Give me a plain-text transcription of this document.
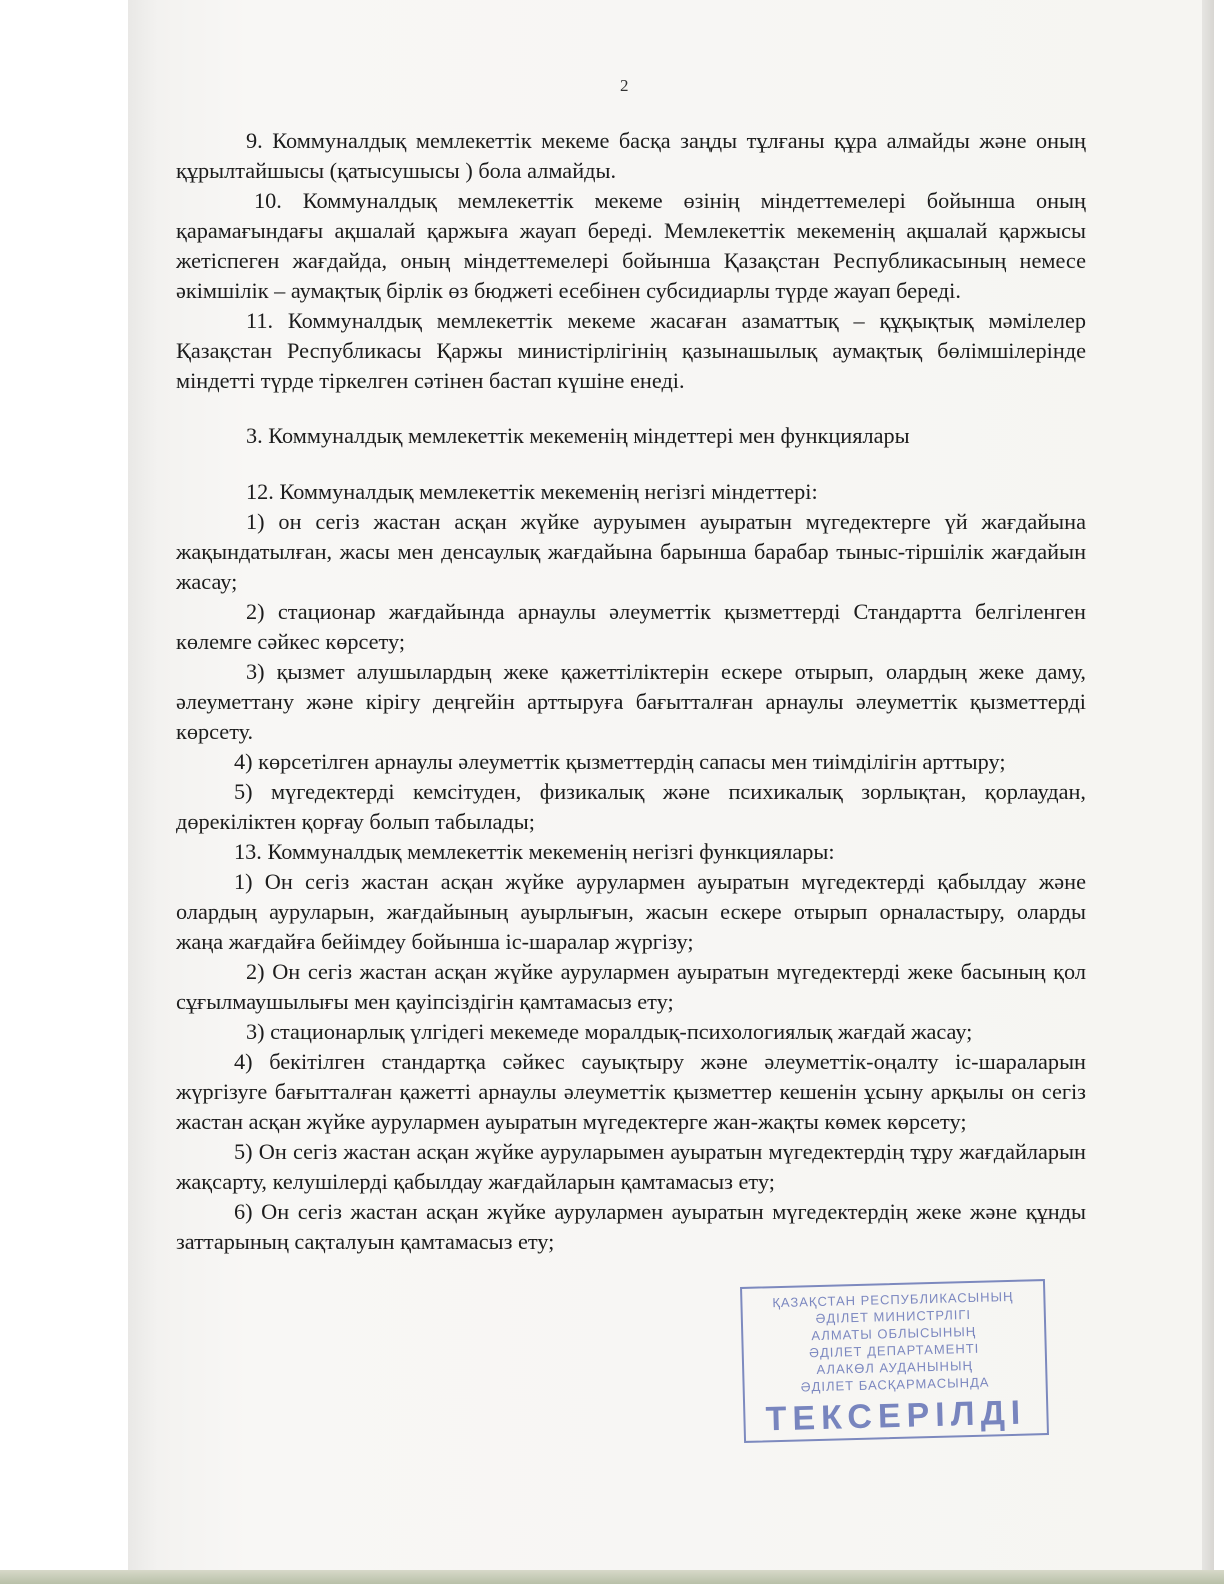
2

9. Коммуналдық мемлекеттік мекеме басқа заңды тұлғаны құра алмайды және оның құрылтайшысы (қатысушысы ) бола алмайды.

10. Коммуналдық мемлекеттік мекеме өзінің міндеттемелері бойынша оның қарамағындағы ақшалай қаржыға жауап береді. Мемлекеттік мекеменің ақшалай қаржысы жетіспеген жағдайда, оның міндеттемелері бойынша Қазақстан Республикасының немесе әкімшілік – аумақтық бірлік өз бюджеті есебінен субсидиарлы түрде жауап береді.

11. Коммуналдық мемлекеттік мекеме жасаған азаматтық – құқықтық мәмілелер Қазақстан Республикасы Қаржы министірлігінің қазынашылық аумақтық бөлімшілерінде міндетті түрде тіркелген сәтінен бастап күшіне енеді.

3. Коммуналдық мемлекеттік мекеменің міндеттері мен функциялары

12. Коммуналдық мемлекеттік мекеменің негізгі міндеттері:

1) он сегіз жастан асқан жүйке ауруымен ауыратын мүгедектерге үй жағдайына жақындатылған, жасы мен денсаулық жағдайына барынша барабар тыныс-тіршілік жағдайын жасау;

2) стационар жағдайында арнаулы әлеуметтік қызметтерді Стандартта белгіленген көлемге сәйкес көрсету;

3) қызмет алушылардың жеке қажеттіліктерін ескере отырып, олардың жеке даму, әлеуметтану және кірігу деңгейін арттыруға бағытталған арнаулы әлеуметтік қызметтерді көрсету.

4) көрсетілген арнаулы әлеуметтік қызметтердің сапасы мен тиімділігін арттыру;

5) мүгедектерді кемсітуден, физикалық және психикалық зорлықтан, қорлаудан, дөрекіліктен қорғау болып табылады;

13. Коммуналдық мемлекеттік мекеменің негізгі функциялары:

1) Он сегіз жастан асқан жүйке аурулармен ауыратын мүгедектерді қабылдау және олардың ауруларын, жағдайының ауырлығын, жасын ескере отырып орналастыру, оларды жаңа жағдайға бейімдеу бойынша іс-шаралар жүргізу;

2) Он сегіз жастан асқан жүйке аурулармен ауыратын мүгедектерді жеке басының қол сұғылмаушылығы мен қауіпсіздігін қамтамасыз ету;

3) стационарлық үлгідегі мекемеде моралдық-психологиялық жағдай жасау;

4) бекітілген стандартқа сәйкес сауықтыру және әлеуметтік-оңалту іс-шараларын жүргізуге бағытталған қажетті арнаулы әлеуметтік қызметтер кешенін ұсыну арқылы он сегіз жастан асқан жүйке аурулармен ауыратын мүгедектерге жан-жақты көмек көрсету;

5) Он сегіз жастан асқан жүйке ауруларымен ауыратын мүгедектердің тұру жағдайларын жақсарту, келушілерді қабылдау жағдайларын қамтамасыз ету;

6) Он сегіз жастан асқан жүйке аурулармен ауыратын мүгедектердің жеке және құнды заттарының сақталуын қамтамасыз ету;

ҚАЗАҚСТАН РЕСПУБЛИКАСЫНЫҢ
ӘДІЛЕТ МИНИСТРЛІГІ
АЛМАТЫ ОБЛЫСЫНЫҢ
ӘДІЛЕТ ДЕПАРТАМЕНТІ
АЛАКӨЛ АУДАНЫНЫҢ
ӘДІЛЕТ БАСҚАРМАСЫНДА
ТЕКСЕРІЛДІ
